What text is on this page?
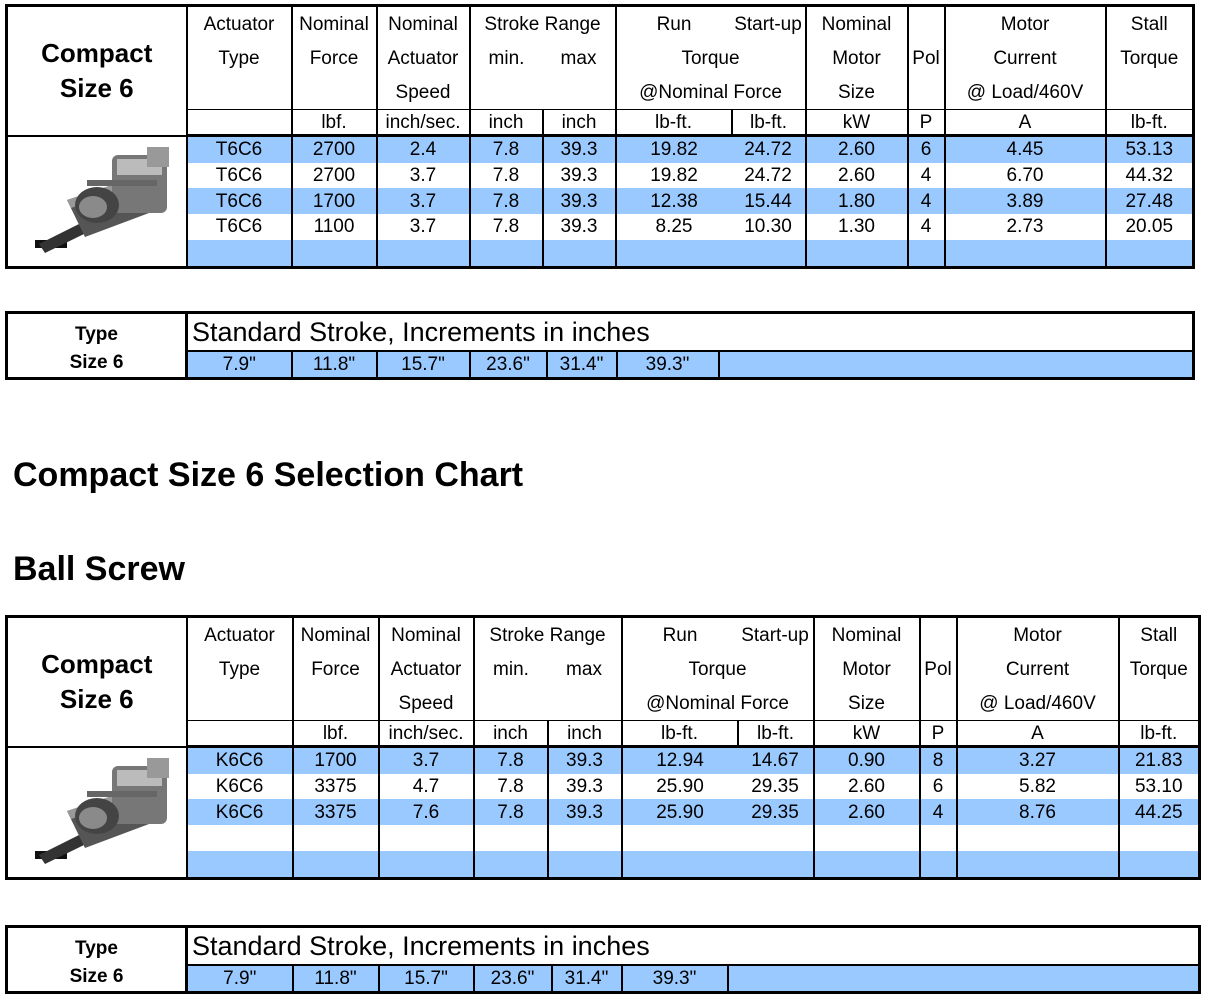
Compact
Size 6	Actuator	Nominal	Nominal	Stroke Range		Run	Start-up	Nominal		Motor	Stall
	Type	Force	Actuator	min.	max	Torque		Motor	Pol	Current	Torque
			Speed			@Nominal Force		Size		@ Load/460V	
		lbf.	inch/sec.	inch	inch	lb-ft.	lb-ft.	kW	P	A	lb-ft.
	T6C6	2700	2.4	7.8	39.3	19.82	24.72	2.60	6	4.45	53.13
	T6C6	2700	3.7	7.8	39.3	19.82	24.72	2.60	4	6.70	44.32
	T6C6	1700	3.7	7.8	39.3	12.38	15.44	1.80	4	3.89	27.48
	T6C6	1100	3.7	7.8	39.3	8.25	10.30	1.30	4	2.73	20.05

Type
Size 6	Standard Stroke, Increments in inches						
	7.9"	11.8"	15.7"	23.6"	31.4"	39.3"	
Compact Size 6 Selection Chart
Ball Screw
Compact
Size 6	Actuator	Nominal	Nominal	Stroke Range		Run	Start-up	Nominal		Motor	Stall
	Type	Force	Actuator	min.	max	Torque		Motor	Pol	Current	Torque
			Speed			@Nominal Force		Size		@ Load/460V	
		lbf.	inch/sec.	inch	inch	lb-ft.	lb-ft.	kW	P	A	lb-ft.
	K6C6	1700	3.7	7.8	39.3	12.94	14.67	0.90	8	3.27	21.83
	K6C6	3375	4.7	7.8	39.3	25.90	29.35	2.60	6	5.82	53.10
	K6C6	3375	7.6	7.8	39.3	25.90	29.35	2.60	4	8.76	44.25

Type
Size 6	Standard Stroke, Increments in inches						
	7.9"	11.8"	15.7"	23.6"	31.4"	39.3"	
